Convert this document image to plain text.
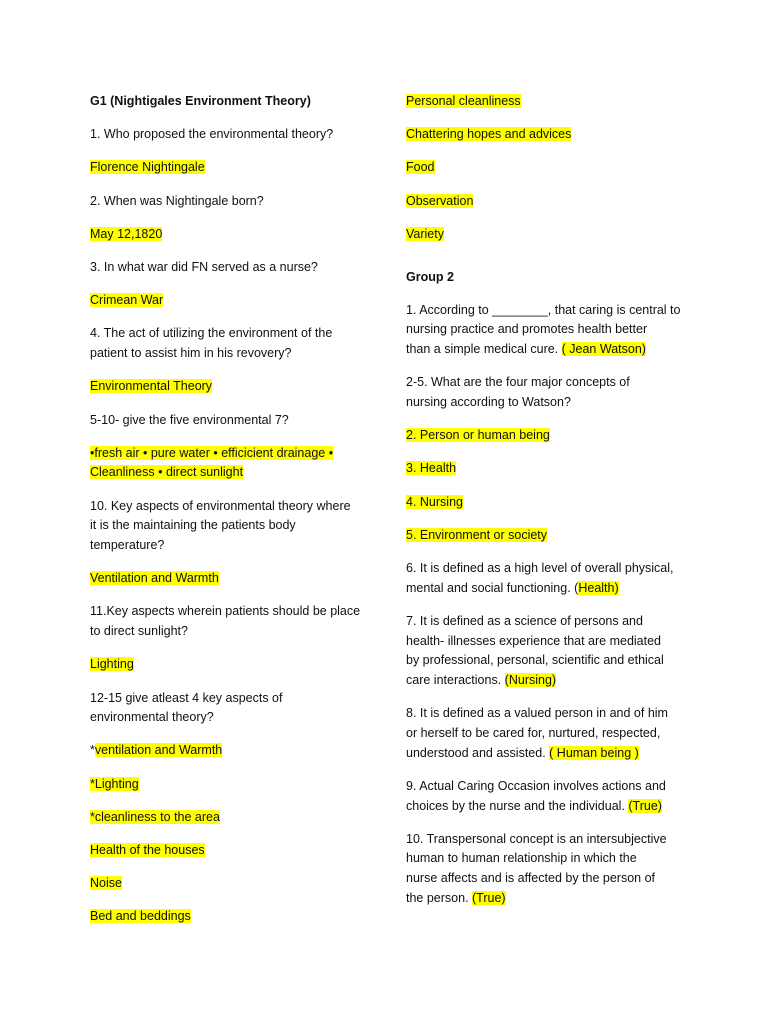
G1 (Nightigales Environment Theory)
1. Who proposed the environmental theory?
Florence Nightingale
2. When was Nightingale born?
May 12,1820
3. In what war did FN served as a nurse?
Crimean War
4. The act of utilizing the environment of the
patient to assist him in his revovery?
Environmental Theory
5-10- give the five environmental 7?
•fresh air • pure water • efficicient drainage •
Cleanliness • direct sunlight
10. Key aspects of environmental theory where
it is the maintaining the patients body
temperature?
Ventilation and Warmth
11.Key aspects wherein patients should be place
to direct sunlight?
Lighting
12-15 give atleast 4 key aspects of
environmental theory?
*ventilation and Warmth
*Lighting
*cleanliness to the area
Health of the houses
Noise
Bed and beddings
Personal cleanliness
Chattering hopes and advices
Food
Observation
Variety
Group 2
1. According to ________, that caring is central to
nursing practice and promotes health better
than a simple medical cure. ( Jean Watson)
2-5. What are the four major concepts of
nursing according to Watson?
2. Person or human being
3. Health
4. Nursing
5. Environment or society
6. It is defined as a high level of overall physical,
mental and social functioning. (Health)
7. It is defined as a science of persons and
health- illnesses experience that are mediated
by professional, personal, scientific and ethical
care interactions. (Nursing)
8. It is defined as a valued person in and of him
or herself to be cared for, nurtured, respected,
understood and assisted. ( Human being )
9. Actual Caring Occasion involves actions and
choices by the nurse and the individual. (True)
10. Transpersonal concept is an intersubjective
human to human relationship in which the
nurse affects and is affected by the person of
the person. (True)
